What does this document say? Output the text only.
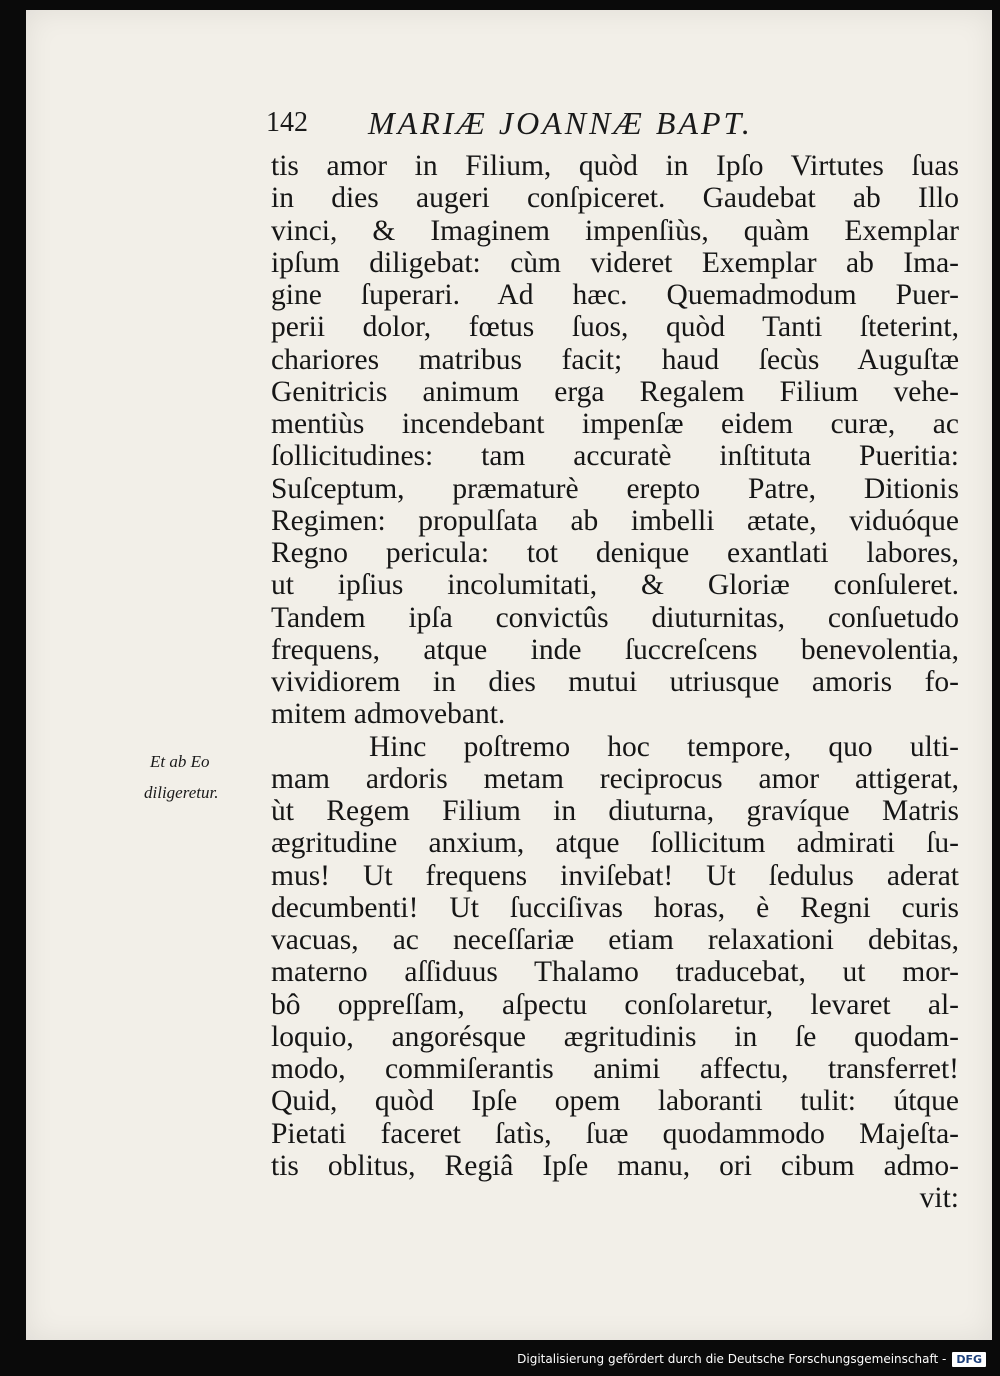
142 MARIÆ JOANNÆ BAPT.
Et ab Eo
diligeretur.
tis amor in Filium, quòd in Ipſo Virtutes ſuas
in dies augeri conſpiceret. Gaudebat ab Illo
vinci, & Imaginem impenſiùs, quàm Exemplar
ipſum diligebat: cùm videret Exemplar ab Ima-
gine ſuperari. Ad hæc. Quemadmodum Puer-
perii dolor, fœtus ſuos, quòd Tanti ſteterint,
chariores matribus facit; haud ſecùs Auguſtæ
Genitricis animum erga Regalem Filium vehe-
mentiùs incendebant impenſæ eidem curæ, ac
ſollicitudines: tam accuratè inſtituta Pueritia:
Suſceptum, præmaturè erepto Patre, Ditionis
Regimen: propulſata ab imbelli ætate, viduóque
Regno pericula: tot denique exantlati labores,
ut ipſius incolumitati, & Gloriæ conſuleret.
Tandem ipſa convictûs diuturnitas, conſuetudo
frequens, atque inde ſuccreſcens benevolentia,
vividiorem in dies mutui utriusque amoris fo-
mitem admovebant.
Hinc poſtremo hoc tempore, quo ulti-
mam ardoris metam reciprocus amor attigerat,
ùt Regem Filium in diuturna, gravíque Matris
ægritudine anxium, atque ſollicitum admirati ſu-
mus! Ut frequens inviſebat! Ut ſedulus aderat
decumbenti! Ut ſucciſivas horas, è Regni curis
vacuas, ac neceſſariæ etiam relaxationi debitas,
materno aſſiduus Thalamo traducebat, ut mor-
bô oppreſſam, aſpectu conſolaretur, levaret al-
loquio, angorésque ægritudinis in ſe quodam-
modo, commiſerantis animi affectu, transferret!
Quid, quòd Ipſe opem laboranti tulit: útque
Pietati faceret ſatìs, ſuæ quodammodo Majeſta-
tis oblitus, Regiâ Ipſe manu, ori cibum admo-
vit:
Digitalisierung gefördert durch die Deutsche Forschungsgemeinschaft - DFG
